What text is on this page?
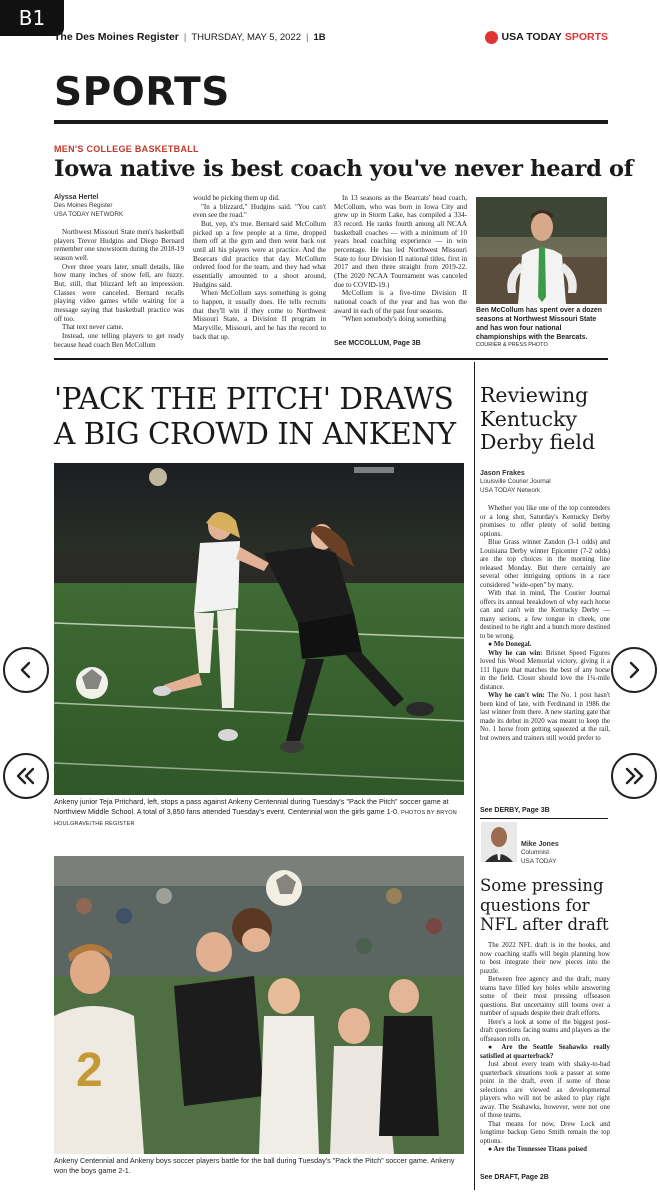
B1
The Des Moines Register | THURSDAY, MAY 5, 2022 | 1B	USA TODAY SPORTS
SPORTS
MEN'S COLLEGE BASKETBALL
Iowa native is best coach you've never heard of
Alyssa Hertel
Des Moines Register
USA TODAY NETWORK

Northwest Missouri State men's basketball players Trevor Hudgins and Diego Bernard remember one snowstorm during the 2018-19 season well.

Over three years later, small details, like how many inches of snow fell, are fuzzy. But, still, that blizzard left an impression. Classes were canceled. Bernard recalls playing video games while waiting for a message saying that basketball practice was off too.

That text never came.

Instead, one telling players to get ready because head coach Ben McCollum

would be picking them up did.

"In a blizzard," Hudgins said. "You can't even see the road."

But, yep, it's true. Bernard said McCollum picked up a few people at a time, dropped them off at the gym and then went back out until all his players were at practice. And the Bearcats did practice that day. McCollum ordered food for the team, and they had what essentially amounted to a shoot around, Hudgins said.

When McCollum says something is going to happen, it usually does. He tells recruits that they'll win if they come to Northwest Missouri State, a Division II program in Maryville, Missouri, and he has the record to back that up.

In 13 seasons as the Bearcats' head coach, McCollum, who was born in Iowa City and grew up in Storm Lake, has compiled a 334-83 record. He ranks fourth among all NCAA basketball coaches — with a minimum of 10 years head coaching experience — in win percentage. He has led Northwest Missouri State to four Division II national titles, first in 2017 and then three straight from 2019-22. (The 2020 NCAA Tournament was canceled due to COVID-19.)

McCollum is a five-time Division II national coach of the year and has won the award in each of the past four seasons.

"When somebody's doing something

See MCCOLLUM, Page 3B
Ben McCollum has spent over a dozen seasons at Northwest Missouri State and has won four national championships with the Bearcats.
COURIER & PRESS PHOTO
'PACK THE PITCH' DRAWS A BIG CROWD IN ANKENY
Ankeny junior Teja Pritchard, left, stops a pass against Ankeny Centennial during Tuesday's "Pack the Pitch" soccer game at Northview Middle School. A total of 3,850 fans attended Tuesday's event. Centennial won the girls game 1-0. PHOTOS BY BRYON HOULGRAVE/THE REGISTER
2
Ankeny Centennial and Ankeny boys soccer players battle for the ball during Tuesday's "Pack the Pitch" soccer game. Ankeny won the boys game 2-1.
Reviewing Kentucky Derby field
Jason Frakes
Louisville Courier Journal
USA TODAY Network

Whether you like one of the top contenders or a long shot, Saturday's Kentucky Derby promises to offer plenty of solid betting options.

Blue Grass winner Zandon (3-1 odds) and Louisiana Derby winner Epicenter (7-2 odds) are the top choices in the morning line released Monday. But there certainly are several other intriguing options in a race considered "wide-open" by many.

With that in mind, The Courier Journal offers its annual breakdown of why each horse can and can't win the Kentucky Derby — many serious, a few tongue in cheek, one destined to be right and a bunch more destined to be wrong.

● Mo Donegal.

Why he can win: Brisnet Speed Figures loved his Wood Memorial victory, giving it a 111 figure that matches the best of any horse in the field. Closer should love the 1¼-mile distance.

Why he can't win: The No. 1 post hasn't been kind of late, with Ferdinand in 1986 the last winner from there. A new starting gate that made its debut in 2020 was meant to keep the No. 1 horse from getting squeezed at the rail, but owners and trainers still would prefer to

See DERBY, Page 3B
Mike Jones
Columnist
USA TODAY
Some pressing questions for NFL after draft

The 2022 NFL draft is in the books, and now coaching staffs will begin planning how to best integrate their new pieces into the puzzle.

Between free agency and the draft, many teams have filled key holes while answering some of their most pressing offseason questions. But uncertainty still looms over a number of squads despite their draft efforts.

Here's a look at some of the biggest post-draft questions facing teams and players as the offseason rolls on.

● Are the Seattle Seahawks really satisfied at quarterback?

Just about every team with shaky-to-bad quarterback situations took a passer at some point in the draft, even if some of those selections are viewed as developmental players who will not be asked to play right away. The Seahawks, however, were not one of those teams.

That means for now, Drew Lock and longtime backup Geno Smith remain the top options.

● Are the Tennessee Titans poised

See DRAFT, Page 2B
